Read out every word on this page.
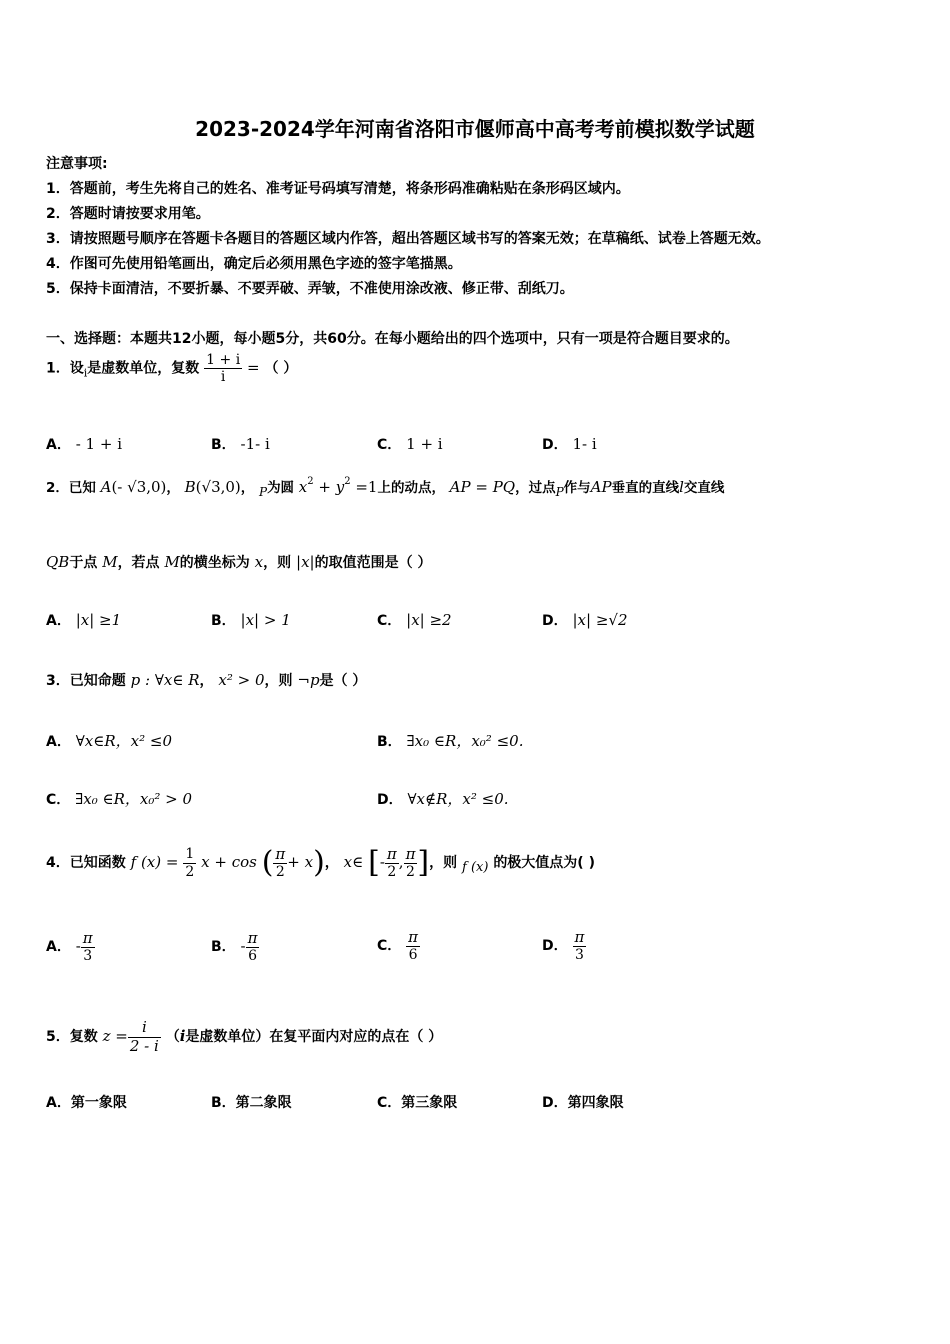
2023-2024学年河南省洛阳市偃师高中高考考前模拟数学试题
注意事项:
1．答题前，考生先将自己的姓名、准考证号码填写清楚，将条形码准确粘贴在条形码区域内。
2．答题时请按要求用笔。
3．请按照题号顺序在答题卡各题目的答题区域内作答，超出答题区域书写的答案无效；在草稿纸、试卷上答题无效。
4．作图可先使用铅笔画出，确定后必须用黑色字迹的签字笔描黑。
5．保持卡面清洁，不要折暴、不要弄破、弄皱，不准使用涂改液、修正带、刮纸刀。
一、选择题：本题共12小题，每小题5分，共60分。在每小题给出的四个选项中，只有一项是符合题目要求的。
1．设$_i$是虚数单位，复数 $\frac{1 + i}{i}$ = （ ）
A． - 1 + i	B． -1- i	C． 1 + i	D． 1- i
2．已知 A(- √3,0)， B(√3,0)， P为圆 $x^2 + y^2 =1$上的动点， AP = PQ，过点P作与AP垂直的直线l交直线
QB于点 M，若点 M的横坐标为 x，则 |x|的取值范围是（ ）
A． |x| ≥1	B． |x| > 1	C． |x| ≥2	D． |x| ≥√2
3．已知命题 p : ∀x∈ R， x² > 0，则 ¬p是（ ）
A． ∀x∈R，x² ≤0	B． ∃x₀ ∈R，x₀² ≤0.
C． ∃x₀ ∈R，x₀² > 0	D． ∀x∉R，x² ≤0.
4．已知函数 f $(x) = \frac{1}{2}$ x + cos ( $\frac{\pi}{2} + x$)， x∈ [- $\frac{\pi}{2}$ , $\frac{\pi}{2}$ ]，则 f (x) 的极大值点为( )
A． - $\frac{\pi}{3}$	B． - $\frac{\pi}{6}$	C． $\frac{\pi}{6}$	D． $\frac{\pi}{3}$
5．复数 $z = \frac{i}{2 - i} (i$是虚数单位）在复平面内对应的点在（ ）
A．第一象限	B．第二象限	C．第三象限	D．第四象限
